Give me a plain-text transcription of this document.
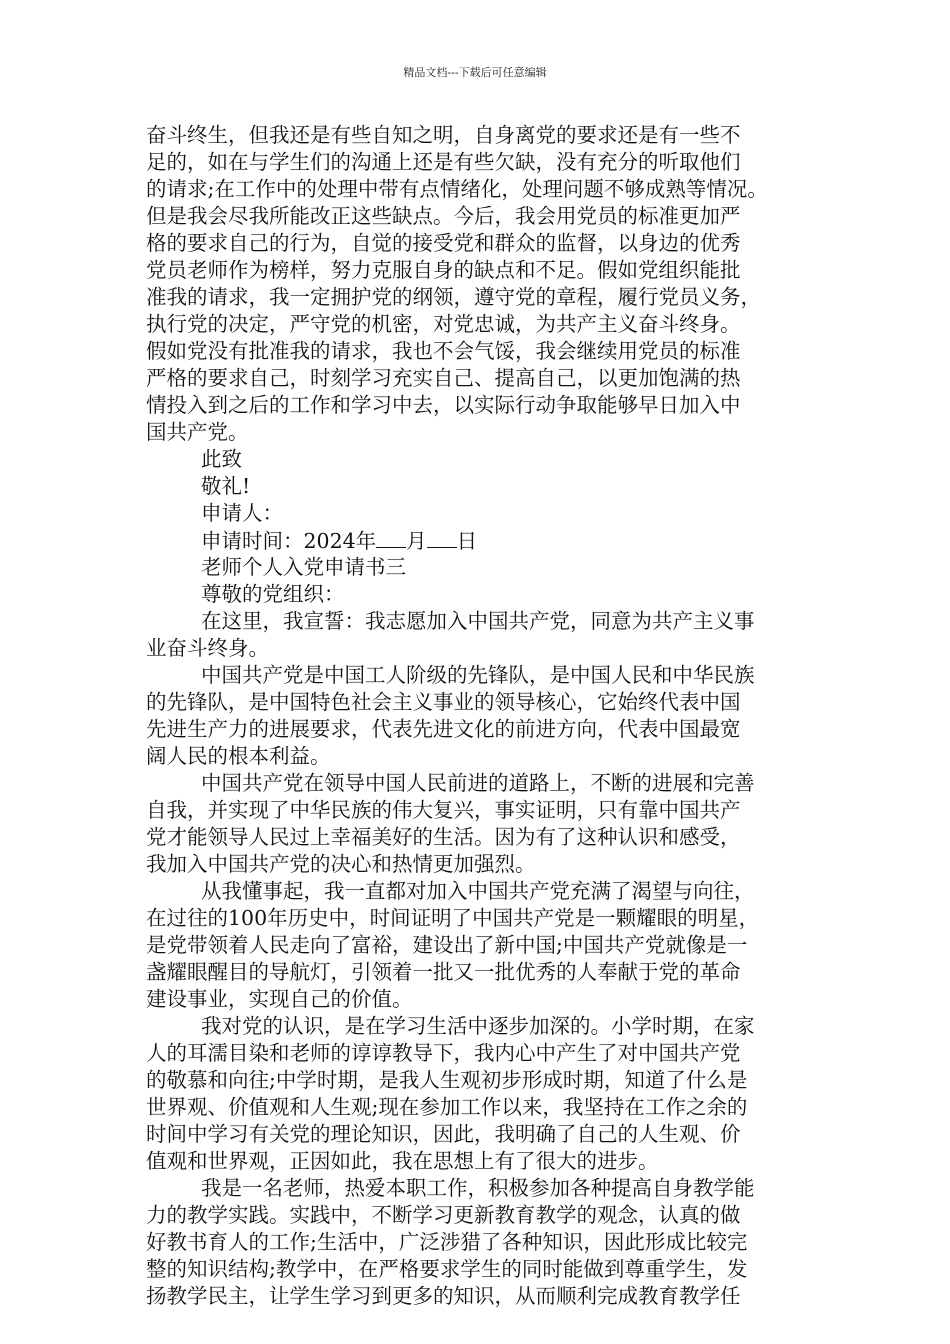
精品文档---下载后可任意编辑
奋斗终生，但我还是有些自知之明，自身离党的要求还是有一些不
足的，如在与学生们的沟通上还是有些欠缺，没有充分的听取他们
的请求;在工作中的处理中带有点情绪化，处理问题不够成熟等情况。
但是我会尽我所能改正这些缺点。今后，我会用党员的标准更加严
格的要求自己的行为，自觉的接受党和群众的监督，以身边的优秀
党员老师作为榜样，努力克服自身的缺点和不足。假如党组织能批
准我的请求，我一定拥护党的纲领，遵守党的章程，履行党员义务，
执行党的决定，严守党的机密，对党忠诚，为共产主义奋斗终身。
假如党没有批准我的请求，我也不会气馁，我会继续用党员的标准
严格的要求自己，时刻学习充实自己、提高自己，以更加饱满的热
情投入到之后的工作和学习中去，以实际行动争取能够早日加入中
国共产党。
此致
敬礼!
申请人：
申请时间：2024年 月 日
老师个人入党申请书三
尊敬的党组织：
在这里，我宣誓：我志愿加入中国共产党，同意为共产主义事
业奋斗终身。
中国共产党是中国工人阶级的先锋队，是中国人民和中华民族
的先锋队，是中国特色社会主义事业的领导核心，它始终代表中国
先进生产力的进展要求，代表先进文化的前进方向，代表中国最宽
阔人民的根本利益。
中国共产党在领导中国人民前进的道路上，不断的进展和完善
自我，并实现了中华民族的伟大复兴，事实证明，只有靠中国共产
党才能领导人民过上幸福美好的生活。因为有了这种认识和感受，
我加入中国共产党的决心和热情更加强烈。
从我懂事起，我一直都对加入中国共产党充满了渴望与向往，
在过往的100年历史中，时间证明了中国共产党是一颗耀眼的明星，
是党带领着人民走向了富裕，建设出了新中国;中国共产党就像是一
盏耀眼醒目的导航灯，引领着一批又一批优秀的人奉献于党的革命
建设事业，实现自己的价值。
我对党的认识，是在学习生活中逐步加深的。小学时期，在家
人的耳濡目染和老师的谆谆教导下，我内心中产生了对中国共产党
的敬慕和向往;中学时期，是我人生观初步形成时期，知道了什么是
世界观、价值观和人生观;现在参加工作以来，我坚持在工作之余的
时间中学习有关党的理论知识，因此，我明确了自己的人生观、价
值观和世界观，正因如此，我在思想上有了很大的进步。
我是一名老师，热爱本职工作，积极参加各种提高自身教学能
力的教学实践。实践中，不断学习更新教育教学的观念，认真的做
好教书育人的工作;生活中，广泛涉猎了各种知识，因此形成比较完
整的知识结构;教学中，在严格要求学生的同时能做到尊重学生，发
扬教学民主，让学生学习到更多的知识，从而顺利完成教育教学任
